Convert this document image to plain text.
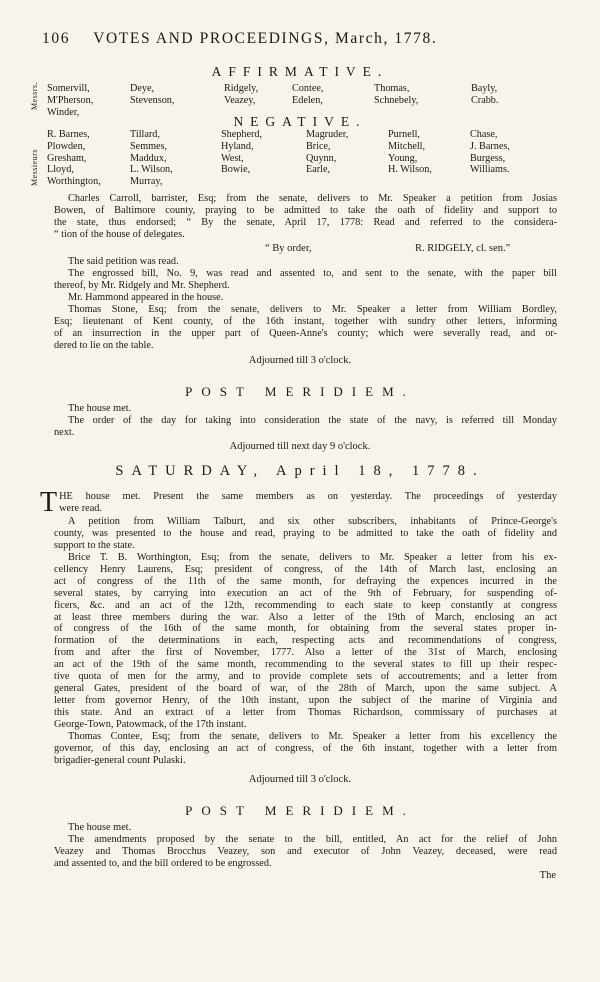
106 VOTES AND PROCEEDINGS, March, 1778.
AFFIRMATIVE.
Messrs. Somervill,
M'Pherson,
Winder,
Deye,
Stevenson,
Ridgely,
Veazey,
Contee,
Edelen,
Thomas,
Schnebely,
Bayly,
Crabb.
NEGATIVE.
Messieurs
R. Barnes,
Plowden,
Gresham,
Lloyd,
Worthington,
Tillard,
Semmes,
Maddux,
L. Wilson,
Murray,
Shepherd,
Hyland,
West,
Bowie,
Magruder,
Brice,
Quynn,
Earle,
Purnell,
Mitchell,
Young,
H. Wilson,
Chase,
J. Barnes,
Burgess,
Williams.
Charles Carroll, barrister, Esq; from the senate, delivers to Mr. Speaker a petition from Josias
Bowen, of Baltimore county, praying to be admitted to take the oath of fidelity and support to
the state, thus endorsed; “ By the senate, April 17, 1778: Read and referred to the considera-
“ tion of the house of delegates.
“ By order,	R. RIDGELY, cl. sen.”
The said petition was read.
The engrossed bill, No. 9, was read and assented to, and sent to the senate, with the paper bill
thereof, by Mr. Ridgely and Mr. Shepherd.
Mr. Hammond appeared in the house.
Thomas Stone, Esq; from the senate, delivers to Mr. Speaker a letter from William Bordley,
Esq; lieutenant of Kent county, of the 16th instant, together with sundry other letters, informing
of an insurrection in the upper part of Queen-Anne's county; which were severally read, and or-
dered to lie on the table.
Adjourned till 3 o'clock.
POST MERIDIEM.
The house met.
The order of the day for taking into consideration the state of the navy, is referred till Monday
next.
Adjourned till next day 9 o'clock.
SATURDAY, April 18, 1778.
T HE house met. Present the same members as on yesterday. The proceedings of yesterday
were read.
A petition from William Talburt, and six other subscribers, inhabitants of Prince-George's
county, was presented to the house and read, praying to be admitted to take the oath of fidelity and
support to the state.
Brice T. B. Worthington, Esq; from the senate, delivers to Mr. Speaker a letter from his ex-
cellency Henry Laurens, Esq; president of congress, of the 14th of March last, enclosing an
act of congress of the 11th of the same month, for defraying the expences incurred in the
several states, by carrying into execution an act of the 9th of February, for suspending of-
ficers, &c. and an act of the 12th, recommending to each state to keep constantly at congress
at least three members during the war. Also a letter of the 19th of March, enclosing an act
of congress of the 16th of the same month, for obtaining from the several states proper in-
formation of the determinations in each, respecting acts and recommendations of congress,
from and after the first of November, 1777. Also a letter of the 31st of March, enclosing
an act of the 19th of the same month, recommending to the several states to fill up their respec-
tive quota of men for the army, and to provide complete sets of accoutrements; and a letter from
general Gates, president of the board of war, of the 28th of March, upon the same subject. A
letter from governor Henry, of the 10th instant, upon the subject of the marine of Virginia and
this state. And an extract of a letter from Thomas Richardson, commissary of purchases at
George-Town, Patowmack, of the 17th instant.
Thomas Contee, Esq; from the senate, delivers to Mr. Speaker a letter from his excellency the
governor, of this day, enclosing an act of congress, of the 6th instant, together with a letter from
brigadier-general count Pulaski.
Adjourned till 3 o'clock.
POST MERIDIEM.
The house met.
The amendments proposed by the senate to the bill, entitled, An act for the relief of John
Veazey and Thomas Brocchus Veazey, son and executor of John Veazey, deceased, were read
and assented to, and the bill ordered to be engrossed.
The
